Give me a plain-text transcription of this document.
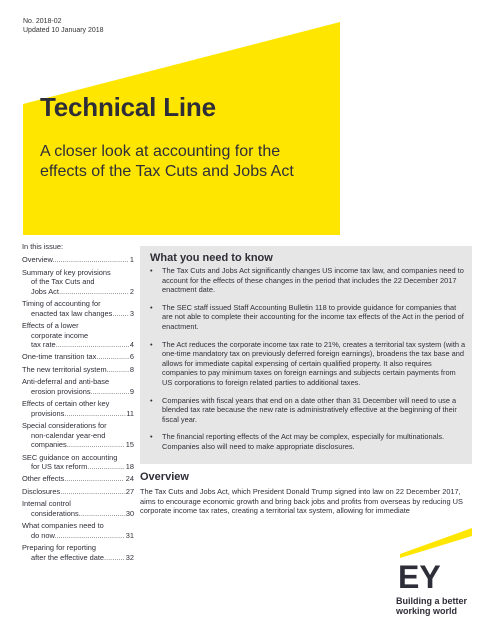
No. 2018-02
Updated 10 January 2018
Technical Line
A closer look at accounting for the effects of the Tax Cuts and Jobs Act
In this issue:
Overview..................................... 1
Summary of key provisions
of the Tax Cuts and
Jobs Act.................................. 2
Timing of accounting for
enacted tax law changes........ 3
Effects of a lower
corporate income
tax rate.................................... 4
One-time transition tax................ 6
The new territorial system........... 8
Anti-deferral and anti-base
erosion provisions................... 9
Effects of certain other key
provisions.............................. 11
Special considerations for
non-calendar year-end
companies............................ 15
SEC guidance on accounting
for US tax reform.................. 18
Other effects............................. 24
Disclosures................................ 27
Internal control
considerations....................... 30
What companies need to
do now.................................. 31
Preparing for reporting
after the effective date.......... 32
What you need to know
• The Tax Cuts and Jobs Act significantly changes US income tax law, and companies need to account for the effects of these changes in the period that includes the 22 December 2017 enactment date.
• The SEC staff issued Staff Accounting Bulletin 118 to provide guidance for companies that are not able to complete their accounting for the income tax effects of the Act in the period of enactment.
• The Act reduces the corporate income tax rate to 21%, creates a territorial tax system (with a one-time mandatory tax on previously deferred foreign earnings), broadens the tax base and allows for immediate capital expensing of certain qualified property. It also requires companies to pay minimum taxes on foreign earnings and subjects certain payments from US corporations to foreign related parties to additional taxes.
• Companies with fiscal years that end on a date other than 31 December will need to use a blended tax rate because the new rate is administratively effective at the beginning of their fiscal year.
• The financial reporting effects of the Act may be complex, especially for multinationals. Companies also will need to make appropriate disclosures.
Overview
The Tax Cuts and Jobs Act, which President Donald Trump signed into law on 22 December 2017, aims to encourage economic growth and bring back jobs and profits from overseas by reducing US corporate income tax rates, creating a territorial tax system, allowing for immediate
EY
Building a better
working world
